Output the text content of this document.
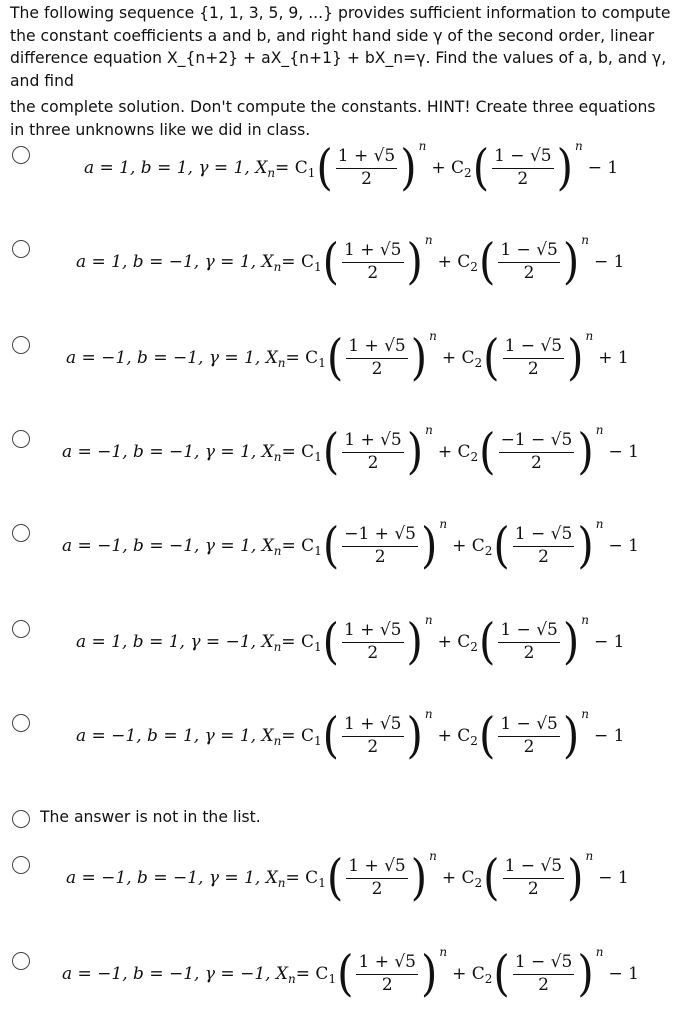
The following sequence {1, 1, 3, 5, 9, ...} provides sufficient information to compute

the constant coefficients a and b, and right hand side γ of the second order, linear

difference equation X_{n+2} + aX_{n+1} + bX_n=γ. Find the values of a, b, and γ, and find

the complete solution. Don't compute the constants. HINT! Create three equations

in three unknowns like we did in class.

a = 1, b = 1, γ = 1, X n = C 1 ( $\frac{1 + √5}{2}$ ) n
+ C 2 ( $\frac{1 - √5}{2}$ ) n
− 1
a = 1, b = −1, γ = 1, X n = C 1 ( $\frac{1 + √5}{2}$ ) n
+ C 2 ( $\frac{1 - √5}{2}$ ) n
− 1
a = −1, b = −1, γ = 1, X n = C 1 ( $\frac{1 + √5}{2}$ ) n
+ C 2 ( $\frac{1 - √5}{2}$ ) n
+ 1
a = −1, b = −1, γ = 1, X n = C 1 ( $\frac{1 + √5}{2}$ ) n
+ C 2 ( $\frac{-1 - √5}{2}$ ) n
− 1
a = −1, b = −1, γ = 1, X n = C 1 ( $\frac{-1 + √5}{2}$ ) n
+ C 2 ( $\frac{1 - √5}{2}$ ) n
− 1
a = 1, b = 1, γ = −1, X n = C 1 ( $\frac{1 + √5}{2}$ ) n
+ C 2 ( $\frac{1 - √5}{2}$ ) n
− 1
a = −1, b = 1, γ = 1, X n = C 1 ( $\frac{1 + √5}{2}$ ) n
+ C 2 ( $\frac{1 - √5}{2}$ ) n
− 1
The answer is not in the list.
a = −1, b = −1, γ = 1, X n = C 1 ( $\frac{1 + √5}{2}$ ) n
+ C 2 ( $\frac{1 - √5}{2}$ ) n
− 1
a = −1, b = −1, γ = −1, X n = C 1 ( $\frac{1 + √5}{2}$ ) n
+ C 2 ( $\frac{1 - √5}{2}$ ) n
− 1
